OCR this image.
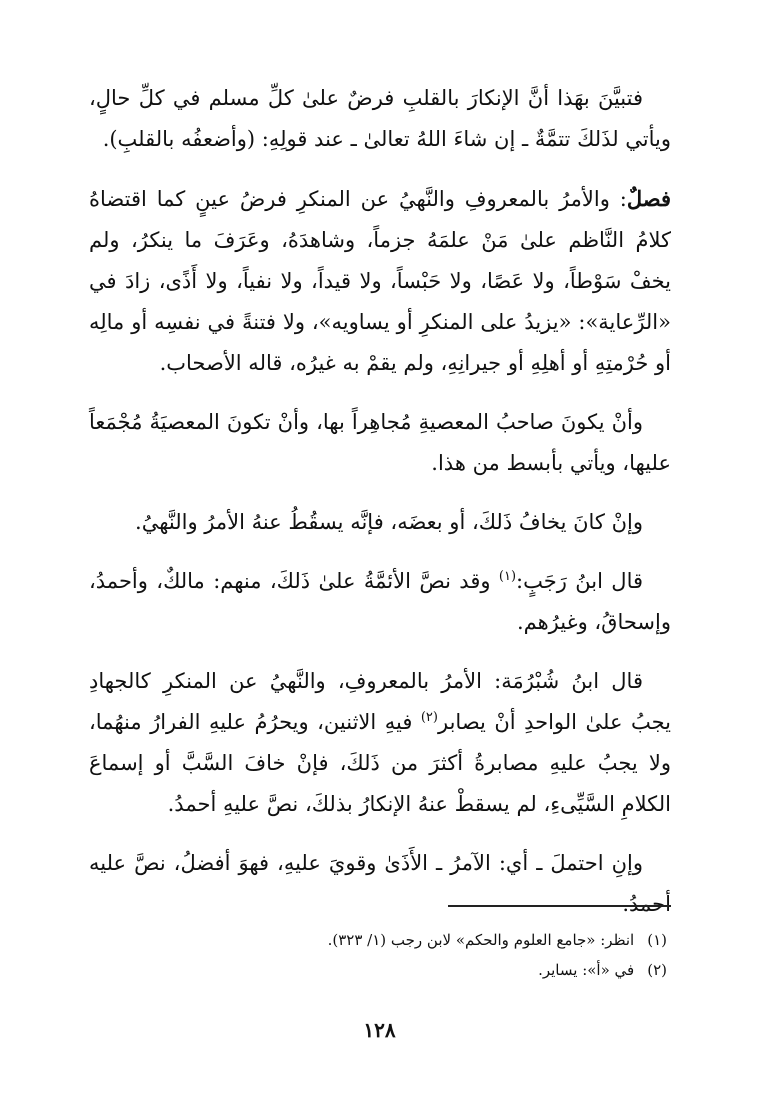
فتبيَّنَ بهَذا أنَّ الإنكارَ بالقلبِ فرضٌ علىٰ كلِّ مسلم في كلِّ حالٍ، ويأتي لذَلكَ تتمَّةٌ ـ إن شاءَ اللهُ تعالىٰ ـ عند قولِهِ: (وأضعفُه بالقلبِ).

فصلٌ: والأمرُ بالمعروفِ والنَّهيُ عن المنكرِ فرضُ عينٍ كما اقتضاهُ كلامُ النَّاظم علىٰ مَنْ علمَهُ جزماً، وشاهدَهُ، وعَرَفَ ما ينكرُ، ولم يخفْ سَوْطاً، ولا عَصًا، ولا حَبْساً، ولا قيداً، ولا نفياً، ولا أَذًى، زادَ في «الرِّعاية»: «يزيدُ على المنكرِ أو يساويه»، ولا فتنةً في نفسِه أو مالِه أو حُرْمتِهِ أو أهلِهِ أو جيرانِهِ، ولم يقمْ به غيرُه، قاله الأصحاب.

وأنْ يكونَ صاحبُ المعصيةِ مُجاهِراً بها، وأنْ تكونَ المعصيَةُ مُجْمَعاً عليها، ويأتي بأبسط من هذا.

وإنْ كانَ يخافُ ذَلكَ، أو بعضَه، فإنَّه يسقُطُ عنهُ الأمرُ والنَّهيُ.

قال ابنُ رَجَبٍ:$^{(١)}$ وقد نصَّ الأئمَّةُ علىٰ ذَلكَ، منهم: مالكٌ، وأحمدُ، وإسحاقُ، وغيرُهم.

قال ابنُ شُبْرُمَة: الأمرُ بالمعروفِ، والنَّهيُ عن المنكرِ كالجهادِ يجبُ علىٰ الواحدِ أنْ يصابر$^{(٢)}$ فيهِ الاثنين، ويحرُمُ عليهِ الفرارُ منهُما، ولا يجبُ عليهِ مصابرةُ أكثرَ من ذَلكَ، فإنْ خافَ السَّبَّ أو إسماعَ الكلامِ السَّيِّىءِ، لم يسقطْ عنهُ الإنكارُ بذلكَ، نصَّ عليهِ أحمدُ.

وإنِ احتملَ ـ أي: الآمرُ ـ الأَذَىٰ وقويَ عليهِ، فهوَ أفضلُ، نصَّ عليه أحمدُ.

(١) انظر: «جامع العلوم والحكم» لابن رجب (١/ ٣٢٣).

(٢) في «أ»: يساير.

١٢٨
